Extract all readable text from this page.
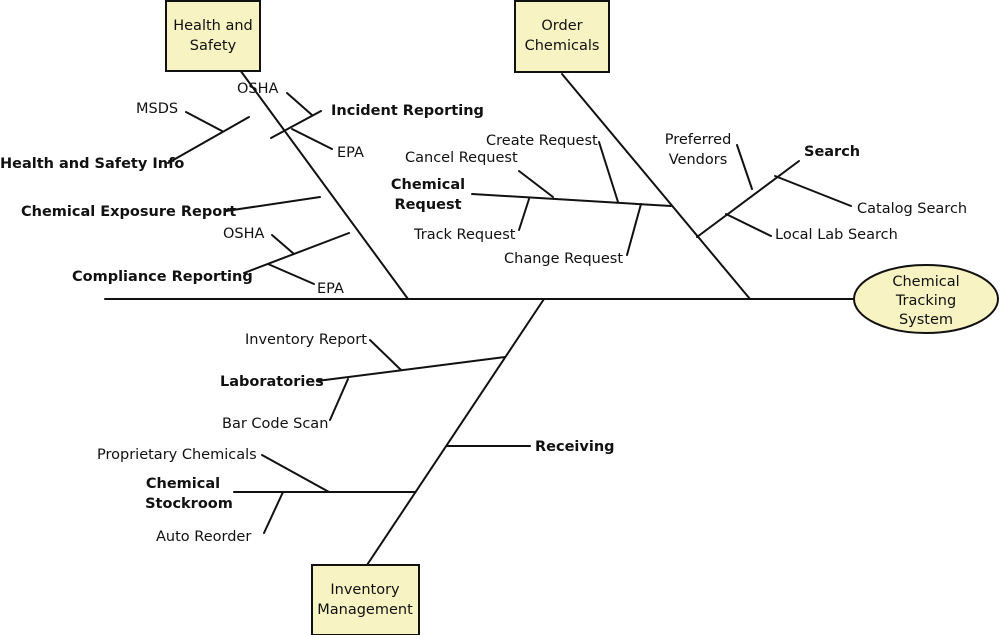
Health and
Safety
Order
Chemicals
Inventory
Management
Chemical
Tracking
System
MSDS
Health and Safety Info
OSHA
Incident Reporting
EPA
Chemical Exposure Report
OSHA
Compliance Reporting
EPA
Create Request
Cancel Request
Chemical
Request
Track Request
Change Request
Preferred
Vendors	Search
Catalog Search
Local Lab Search
Inventory Report
Laboratories
Bar Code Scan
Receiving
Proprietary Chemicals
Chemical
Stockroom
Auto Reorder
